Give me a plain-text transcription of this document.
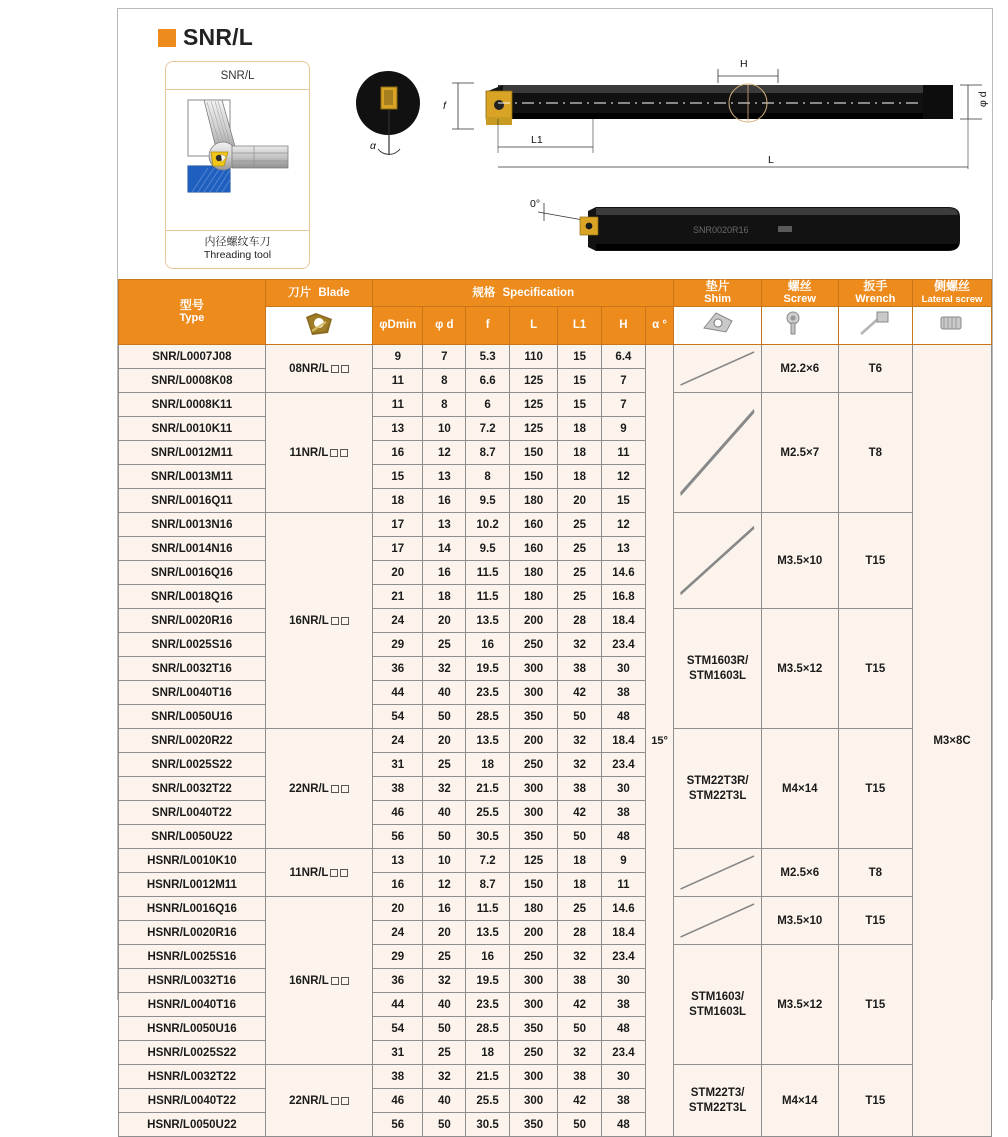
SNR/L
SNR/L
内径螺纹车刀
Threading tool
α
f
H
L1
L
φ d
0°
SNR0020R16
型号
Type	刀片 Blade	规格 Specification							垫片
Shim	螺丝
Screw	扳手
Wrench	侧螺丝
Lateral screw

	φDmin	φ d	f	L	L1	H	α °				
SNR/L0007J08	08NR/L	9	7	5.3	110	15	6.4	15°		M2.2×6	T6	M3×8C
SNR/L0008K08		11	8	6.6	125	15	7					
SNR/L0008K11	11NR/L	11	8	6	125	15	7			M2.5×7	T8	
SNR/L0010K11		13	10	7.2	125	18	9					
SNR/L0012M11		16	12	8.7	150	18	11					
SNR/L0013M11		15	13	8	150	18	12					
SNR/L0016Q11		18	16	9.5	180	20	15					
SNR/L0013N16	16NR/L	17	13	10.2	160	25	12			M3.5×10	T15	
SNR/L0014N16		17	14	9.5	160	25	13					
SNR/L0016Q16		20	16	11.5	180	25	14.6					
SNR/L0018Q16		21	18	11.5	180	25	16.8					
SNR/L0020R16		24	20	13.5	200	28	18.4		STM1603R/
STM1603L	M3.5×12	T15	
SNR/L0025S16		29	25	16	250	32	23.4					
SNR/L0032T16		36	32	19.5	300	38	30					
SNR/L0040T16		44	40	23.5	300	42	38					
SNR/L0050U16		54	50	28.5	350	50	48					
SNR/L0020R22	22NR/L	24	20	13.5	200	32	18.4		STM22T3R/
STM22T3L	M4×14	T15	
SNR/L0025S22		31	25	18	250	32	23.4					
SNR/L0032T22		38	32	21.5	300	38	30					
SNR/L0040T22		46	40	25.5	300	42	38					
SNR/L0050U22		56	50	30.5	350	50	48					
HSNR/L0010K10	11NR/L	13	10	7.2	125	18	9			M2.5×6	T8	
HSNR/L0012M11		16	12	8.7	150	18	11					
HSNR/L0016Q16	16NR/L	20	16	11.5	180	25	14.6			M3.5×10	T15	
HSNR/L0020R16		24	20	13.5	200	28	18.4					
HSNR/L0025S16		29	25	16	250	32	23.4		STM1603/
STM1603L	M3.5×12	T15	
HSNR/L0032T16		36	32	19.5	300	38	30					
HSNR/L0040T16		44	40	23.5	300	42	38					
HSNR/L0050U16		54	50	28.5	350	50	48					
HSNR/L0025S22		31	25	18	250	32	23.4					
HSNR/L0032T22	22NR/L	38	32	21.5	300	38	30		STM22T3/
STM22T3L	M4×14	T15	
HSNR/L0040T22		46	40	25.5	300	42	38					
HSNR/L0050U22		56	50	30.5	350	50	48					
